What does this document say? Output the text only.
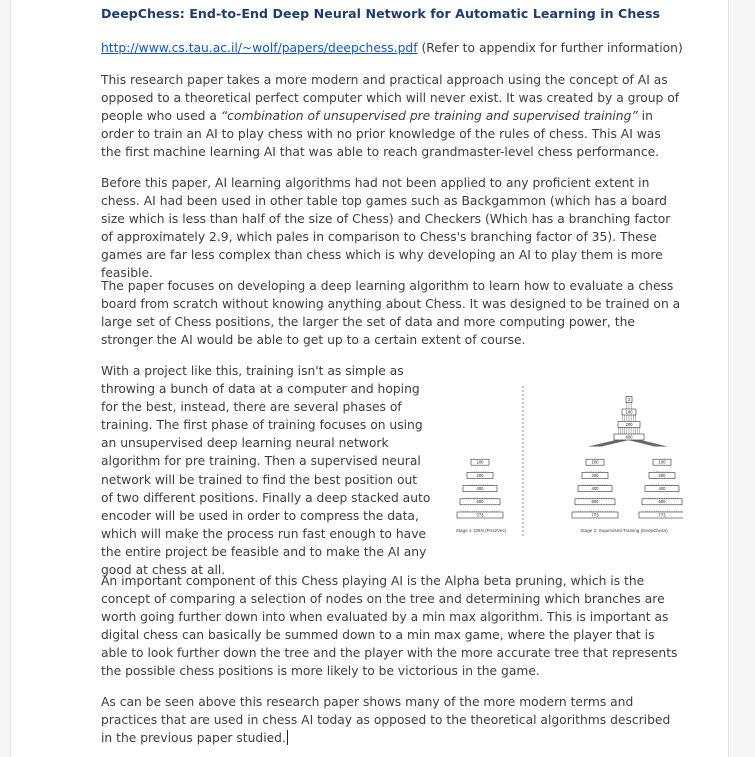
DeepChess: End-to-End Deep Neural Network for Automatic Learning in Chess
http://www.cs.tau.ac.il/~wolf/papers/deepchess.pdf (Refer to appendix for further information)

This research paper takes a more modern and practical approach using the concept of AI as opposed to a theoretical perfect computer which will never exist. It was created by a group of people who used a “combination of unsupervised pre training and supervised training” in order to train an AI to play chess with no prior knowledge of the rules of chess. This AI was the first machine learning AI that was able to reach grandmaster-level chess performance.

Before this paper, AI learning algorithms had not been applied to any proficient extent in chess. AI had been used in other table top games such as Backgammon (which has a board size which is less than half of the size of Chess) and Checkers (Which has a branching factor of approximately 2.9, which pales in comparison to Chess's branching factor of 35). These games are far less complex than chess which is why developing an AI to play them is more feasible.

The paper focuses on developing a deep learning algorithm to learn how to evaluate a chess board from scratch without knowing anything about Chess. It was designed to be trained on a large set of Chess positions, the larger the set of data and more computing power, the stronger the AI would be able to get up to a certain extent of course.

With a project like this, training isn't as simple as throwing a bunch of data at a computer and hoping for the best, instead, there are several phases of training. The first phase of training focuses on using an unsupervised deep learning neural network algorithm for pre training. Then a supervised neural network will be trained to find the best position out of two different positions. Finally a deep stacked auto encoder will be used in order to compress the data, which will make the process run fast enough to have the entire project be feasible and to make the AI any good at chess at all.

Stage 1: DBN (Pos2Vec)	Stage 2: Supervised Training (DeepChess)
773
600
400
200
100
773
600
400
200
100
773
600
400
200
100
400
200
100
2

An important component of this Chess playing AI is the Alpha beta pruning, which is the concept of comparing a selection of nodes on the tree and determining which branches are worth going further down into when evaluated by a min max algorithm. This is important as digital chess can basically be summed down to a min max game, where the player that is able to look further down the tree and the player with the more accurate tree that represents the possible chess positions is more likely to be victorious in the game.

As can be seen above this research paper shows many of the more modern terms and practices that are used in chess AI today as opposed to the theoretical algorithms described in the previous paper studied.
